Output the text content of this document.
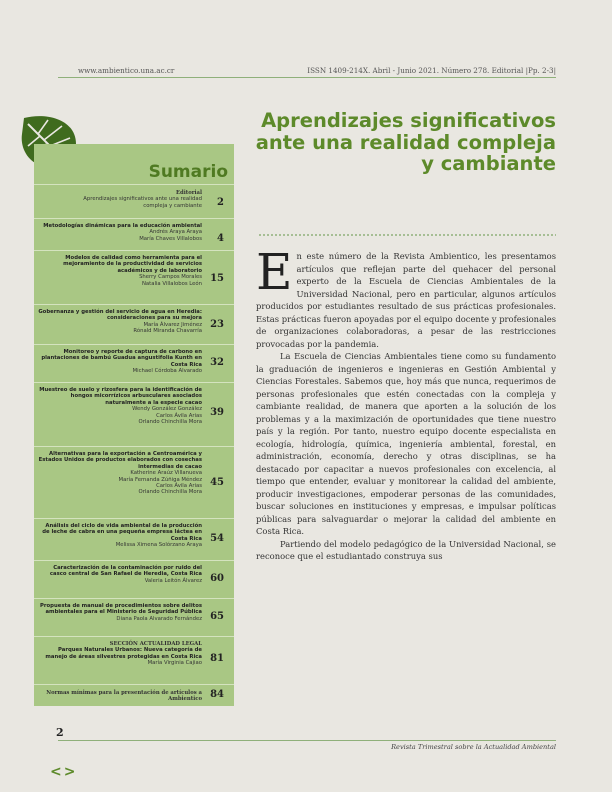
www.ambientico.una.ac.cr	ISSN 1409-214X. Abril - Junio 2021. Número 278. Editorial |Pp. 2-3|
Aprendizajes significativos
ante una realidad compleja
y cambiante
Sumario
Editorial
Aprendizajes significativos ante una realidad
compleja y cambiante	2
Metodologías dinámicas para la educación ambiental
Andrés Araya Araya
María Chaves Villalobos	4
Modelos de calidad como herramienta para el mejoramiento de la productividad de servicios académicos y de laboratorio
Sherry Campos Morales
Natalia Villalobos León 15
Gobernanza y gestión del servicio de agua en Heredia: consideraciones para su mejora
María Álvarez Jiménez
Rónald Miranda Chavarría
23
Monitoreo y reporte de captura de carbono en plantaciones de bambú Guadua angustifolia Kunth en Costa Rica
Michael Córdoba Alvarado
32
Muestreo de suelo y rizosfera para la identificación de hongos micorrízicos arbusculares asociados naturalmente a la especie cacao
Wendy González González
Carlos Ávila Arias
Orlando Chinchilla Mora
39
Alternativas para la exportación a Centroamérica y Estados Unidos de productos elaborados con cosechas intermedias de cacao
Katherine Araúz Villanueva
María Fernanda Zúñiga Méndez
Carlos Ávila Arias
Orlando Chinchilla Mora
45
Análisis del ciclo de vida ambiental de la producción de leche de cabra en una pequeña empresa láctea en Costa Rica
Melissa Ximena Solórzano Araya
54
Caracterización de la contaminación por ruido del casco central de San Rafael de Heredia, Costa Rica
Valeria Leitón Álvarez 60
Propuesta de manual de procedimientos sobre delitos ambientales para el Ministerio de Seguridad Pública
Diana Paola Alvarado Fernández 65
SECCIÓN ACTUALIDAD LEGAL
Parques Naturales Urbanos: Nueva categoría de manejo de áreas silvestres protegidas en Costa Rica
María Virginia Cajiao 81
Normas mínimas para la presentación de artículos a Ambientico 84

En este número de la Revista Ambientico, les presentamos artículos que reflejan parte del quehacer del personal experto de la Escuela de Ciencias Ambientales de la Universidad Nacional, pero en particular, algunos artículos producidos por estudiantes resultado de sus prácticas profesionales. Estas prácticas fueron apoyadas por el equipo docente y profesionales de organizaciones colaboradoras, a pesar de las restricciones provocadas por la pandemia.

La Escuela de Ciencias Ambientales tiene como su fundamento la graduación de ingenieros e ingenieras en Gestión Ambiental y Ciencias Forestales. Sabemos que, hoy más que nunca, requerimos de personas profesionales que estén conectadas con la compleja y cambiante realidad, de manera que aporten a la solución de los problemas y a la maximización de oportunidades que tiene nuestro país y la región. Por tanto, nuestro equipo docente especialista en ecología, hidrología, química, ingeniería ambiental, forestal, en administración, economía, derecho y otras disciplinas, se ha destacado por capacitar a nuevos profesionales con excelencia, al tiempo que entender, evaluar y monitorear la calidad del ambiente, producir investigaciones, empoderar personas de las comunidades, buscar soluciones en instituciones y empresas, e impulsar políticas públicas para salvaguardar o mejorar la calidad del ambiente en Costa Rica.

Partiendo del modelo pedagógico de la Universidad Nacional, se reconoce que el estudiantado construya sus

2
Revista Trimestral sobre la Actualidad Ambiental
< >
